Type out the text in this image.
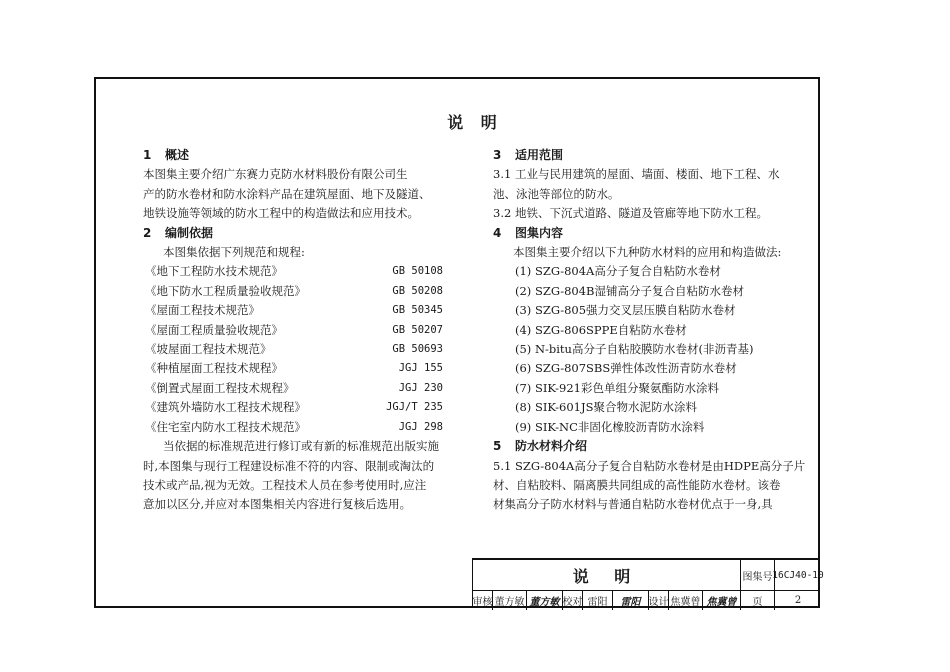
说 明
1 概述
本图集主要介绍广东赛力克防水材料股份有限公司生
产的防水卷材和防水涂料产品在建筑屋面、地下及隧道、
地铁设施等领域的防水工程中的构造做法和应用技术。
2 编制依据
本图集依据下列规范和规程:
《地下工程防水技术规范》	GB 50108
《地下防水工程质量验收规范》	GB 50208
《屋面工程技术规范》	GB 50345
《屋面工程质量验收规范》	GB 50207
《坡屋面工程技术规范》	GB 50693
《种植屋面工程技术规程》	JGJ 155
《倒置式屋面工程技术规程》	JGJ 230
《建筑外墙防水工程技术规程》	JGJ/T 235
《住宅室内防水工程技术规范》	JGJ 298
当依据的标准规范进行修订或有新的标准规范出版实施
时,本图集与现行工程建设标准不符的内容、限制或淘汰的
技术或产品,视为无效。工程技术人员在参考使用时,应注
意加以区分,并应对本图集相关内容进行复核后选用。
3 适用范围
3.1 工业与民用建筑的屋面、墙面、楼面、地下工程、水
池、泳池等部位的防水。
3.2 地铁、下沉式道路、隧道及管廊等地下防水工程。
4 图集内容
本图集主要介绍以下九种防水材料的应用和构造做法:
(1) SZG-804A高分子复合自粘防水卷材
(2) SZG-804B湿铺高分子复合自粘防水卷材
(3) SZG-805强力交叉层压膜自粘防水卷材
(4) SZG-806SPPE自粘防水卷材
(5) N-bitu高分子自粘胶膜防水卷材(非沥青基)
(6) SZG-807SBS弹性体改性沥青防水卷材
(7) SIK-921彩色单组分聚氨酯防水涂料
(8) SIK-601JS聚合物水泥防水涂料
(9) SIK-NC非固化橡胶沥青防水涂料
5 防水材料介绍
5.1 SZG-804A高分子复合自粘防水卷材是由HDPE高分子片
材、自粘胶料、隔离膜共同组成的高性能防水卷材。该卷
材集高分子防水材料与普通自粘防水卷材优点于一身,具
说 明	图集号 16CJ40-10
审核 董方敏 董方敏 校对 雷阳	雷阳 设计 焦冀曾 焦冀曾	页	2
